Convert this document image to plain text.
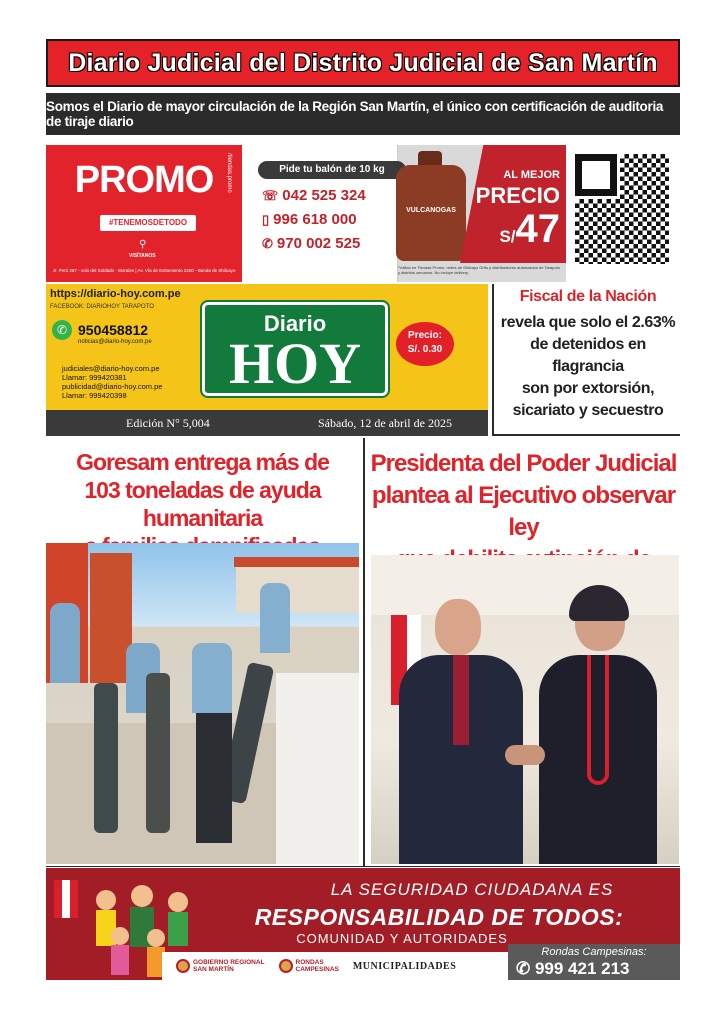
Diario Judicial del Distrito Judicial de San Martín
Somos el Diario de mayor circulación de la Región San Martín, el único con certificación de auditoria de tiraje diario
PROMO
#TENEMOSDETODO
⚲
VISÍTANOS
Jr. Perú 287 - volo del Soldado - Morales | Av. Vía de Evitamiento 2200 - Banda de Shilcayo
/tiendas.promo	Pide tu balón de 10 kg
☏ 042 525 324
▯ 996 618 000
✆ 970 002 525
VULCANOGAS
AL MEJOR
PRECIO
S/47
*Válido en Tiendas Promo, redes de Shilcayo Grifo y distribuidores autorizados de Tarapoto y distritos cercanos. No incluye delivery.
https://diario-hoy.com.pe
FACEBOOK: DIARIOHOY TARAPOTO
✆ 950458812
noticias@diario-hoy.com.pe
judiciales@diario-hoy.com.pe
Llamar: 999420381
publicidad@diario-hoy.com.pe
Llamar: 999420398
Diario
HOY	Precio:
S/. 0.30
Edición N° 5,004	Sábado, 12 de abril de 2025
Fiscal de la Nación
revela que solo el 2.63%
de detenidos en flagrancia
son por extorsión,
sicariato y secuestro
Goresam entrega más de
103 toneladas de ayuda humanitaria
Presidenta del Poder Judicial
plantea al Ejecutivo observar ley
LA SEGURIDAD CIUDADANA ES
RESPONSABILIDAD DE TODOS:
COMUNIDAD Y AUTORIDADES
GOBIERNO REGIONAL
SAN MARTÍN
RONDAS
CAMPESINAS MUNICIPALIDADES
Rondas Campesinas:
✆ 999 421 213
